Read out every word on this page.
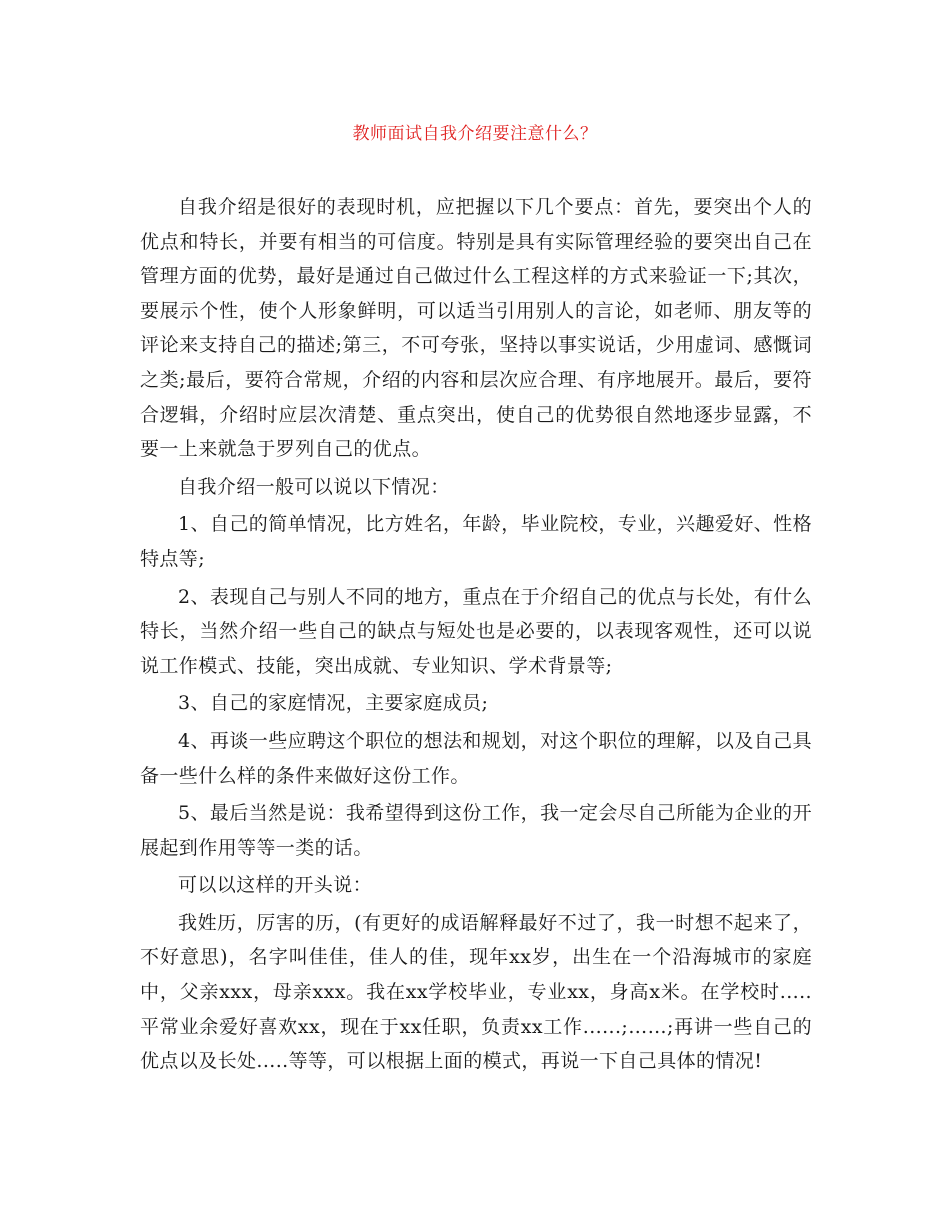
教师面试自我介绍要注意什么？

自我介绍是很好的表现时机，应把握以下几个要点：首先，要突出个人的优点和特长，并要有相当的可信度。特别是具有实际管理经验的要突出自己在管理方面的优势，最好是通过自己做过什么工程这样的方式来验证一下;其次，要展示个性，使个人形象鲜明，可以适当引用别人的言论，如老师、朋友等的评论来支持自己的描述;第三，不可夸张，坚持以事实说话，少用虚词、感慨词之类;最后，要符合常规，介绍的内容和层次应合理、有序地展开。最后，要符合逻辑，介绍时应层次清楚、重点突出，使自己的优势很自然地逐步显露，不要一上来就急于罗列自己的优点。

自我介绍一般可以说以下情况：

1、自己的简单情况，比方姓名，年龄，毕业院校，专业，兴趣爱好、性格特点等;

2、表现自己与别人不同的地方，重点在于介绍自己的优点与长处，有什么特长，当然介绍一些自己的缺点与短处也是必要的，以表现客观性，还可以说说工作模式、技能，突出成就、专业知识、学术背景等;

3、自己的家庭情况，主要家庭成员;

4、再谈一些应聘这个职位的想法和规划，对这个职位的理解，以及自己具备一些什么样的条件来做好这份工作。

5、最后当然是说：我希望得到这份工作，我一定会尽自己所能为企业的开展起到作用等等一类的话。

可以以这样的开头说：

我姓历，厉害的历，(有更好的成语解释最好不过了，我一时想不起来了，不好意思)，名字叫佳佳，佳人的佳，现年xx岁，出生在一个沿海城市的家庭中，父亲xxx，母亲xxx。我在xx学校毕业，专业xx，身高x米。在学校时.....平常业余爱好喜欢xx，现在于xx任职，负责xx工作......;……;再讲一些自己的优点以及长处.....等等，可以根据上面的模式，再说一下自己具体的情况!
